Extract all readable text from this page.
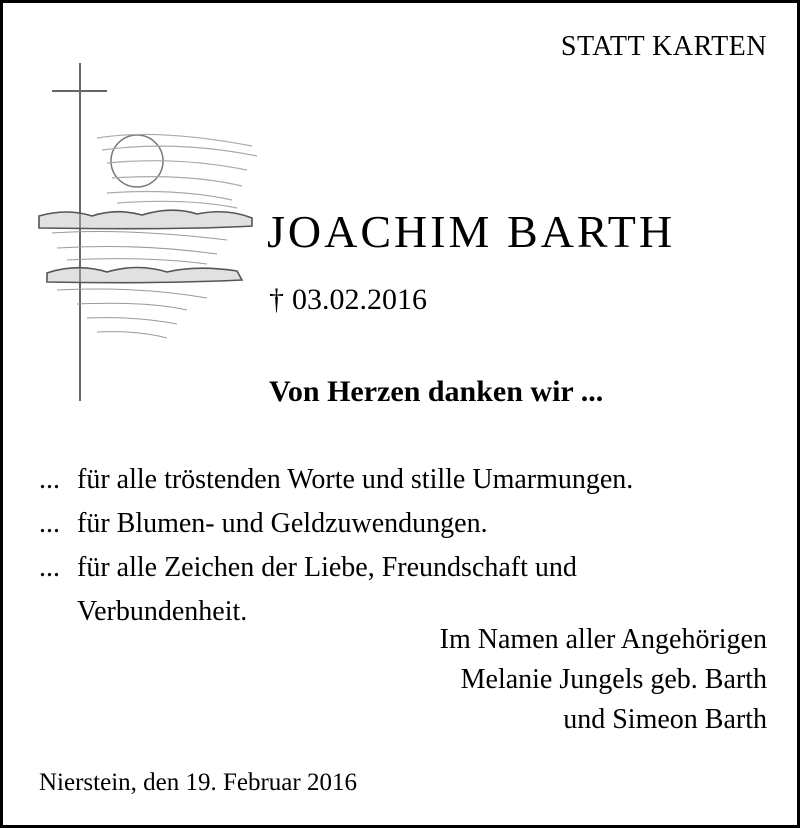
STATT KARTEN
JOACHIM BARTH
† 03.02.2016
Von Herzen danken wir ...
... für alle tröstenden Worte und stille Umarmungen.
... für Blumen- und Geldzuwendungen.
... für alle Zeichen der Liebe, Freundschaft und Verbundenheit.
Im Namen aller Angehörigen
Melanie Jungels geb. Barth
und Simeon Barth
Nierstein, den 19. Februar 2016
